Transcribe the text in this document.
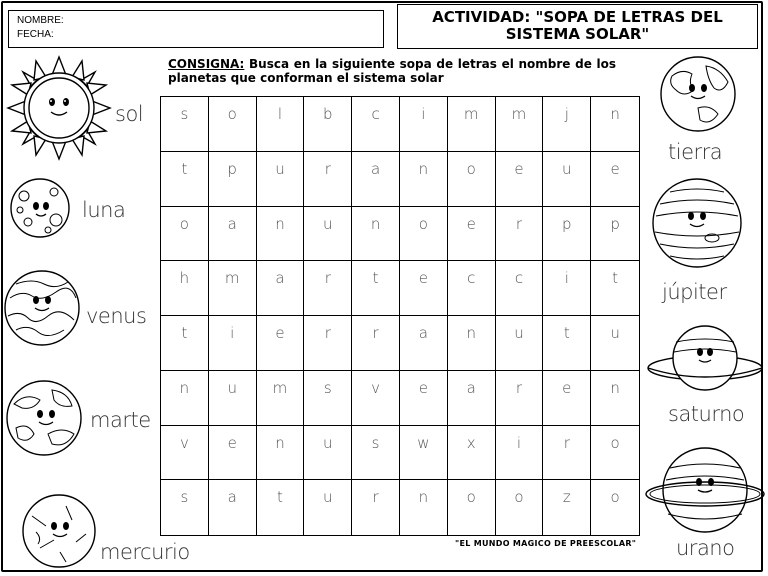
NOMBRE:
FECHA:
ACTIVIDAD: "SOPA DE LETRAS DEL
SISTEMA SOLAR"
CONSIGNA: Busca en la siguiente sopa de letras el nombre de los planetas que conforman el sistema solar
s	o	l	b	c	i	m	m	j	n
t	p	u	r	a	n	o	e	u	e
o	a	n	u	n	o	e	r	p	p
h	m	a	r	t	e	c	c	i	t
t	i	e	r	r	a	n	u	t	u
n	u	m	s	v	e	a	r	e	n
v	e	n	u	s	w	x	i	r	o
s	a	t	u	r	n	o	o	z	o
"EL MUNDO MAGICO DE PREESCOLAR"
sol
luna
venus
marte
mercurio
tierra
júpiter
saturno
urano
